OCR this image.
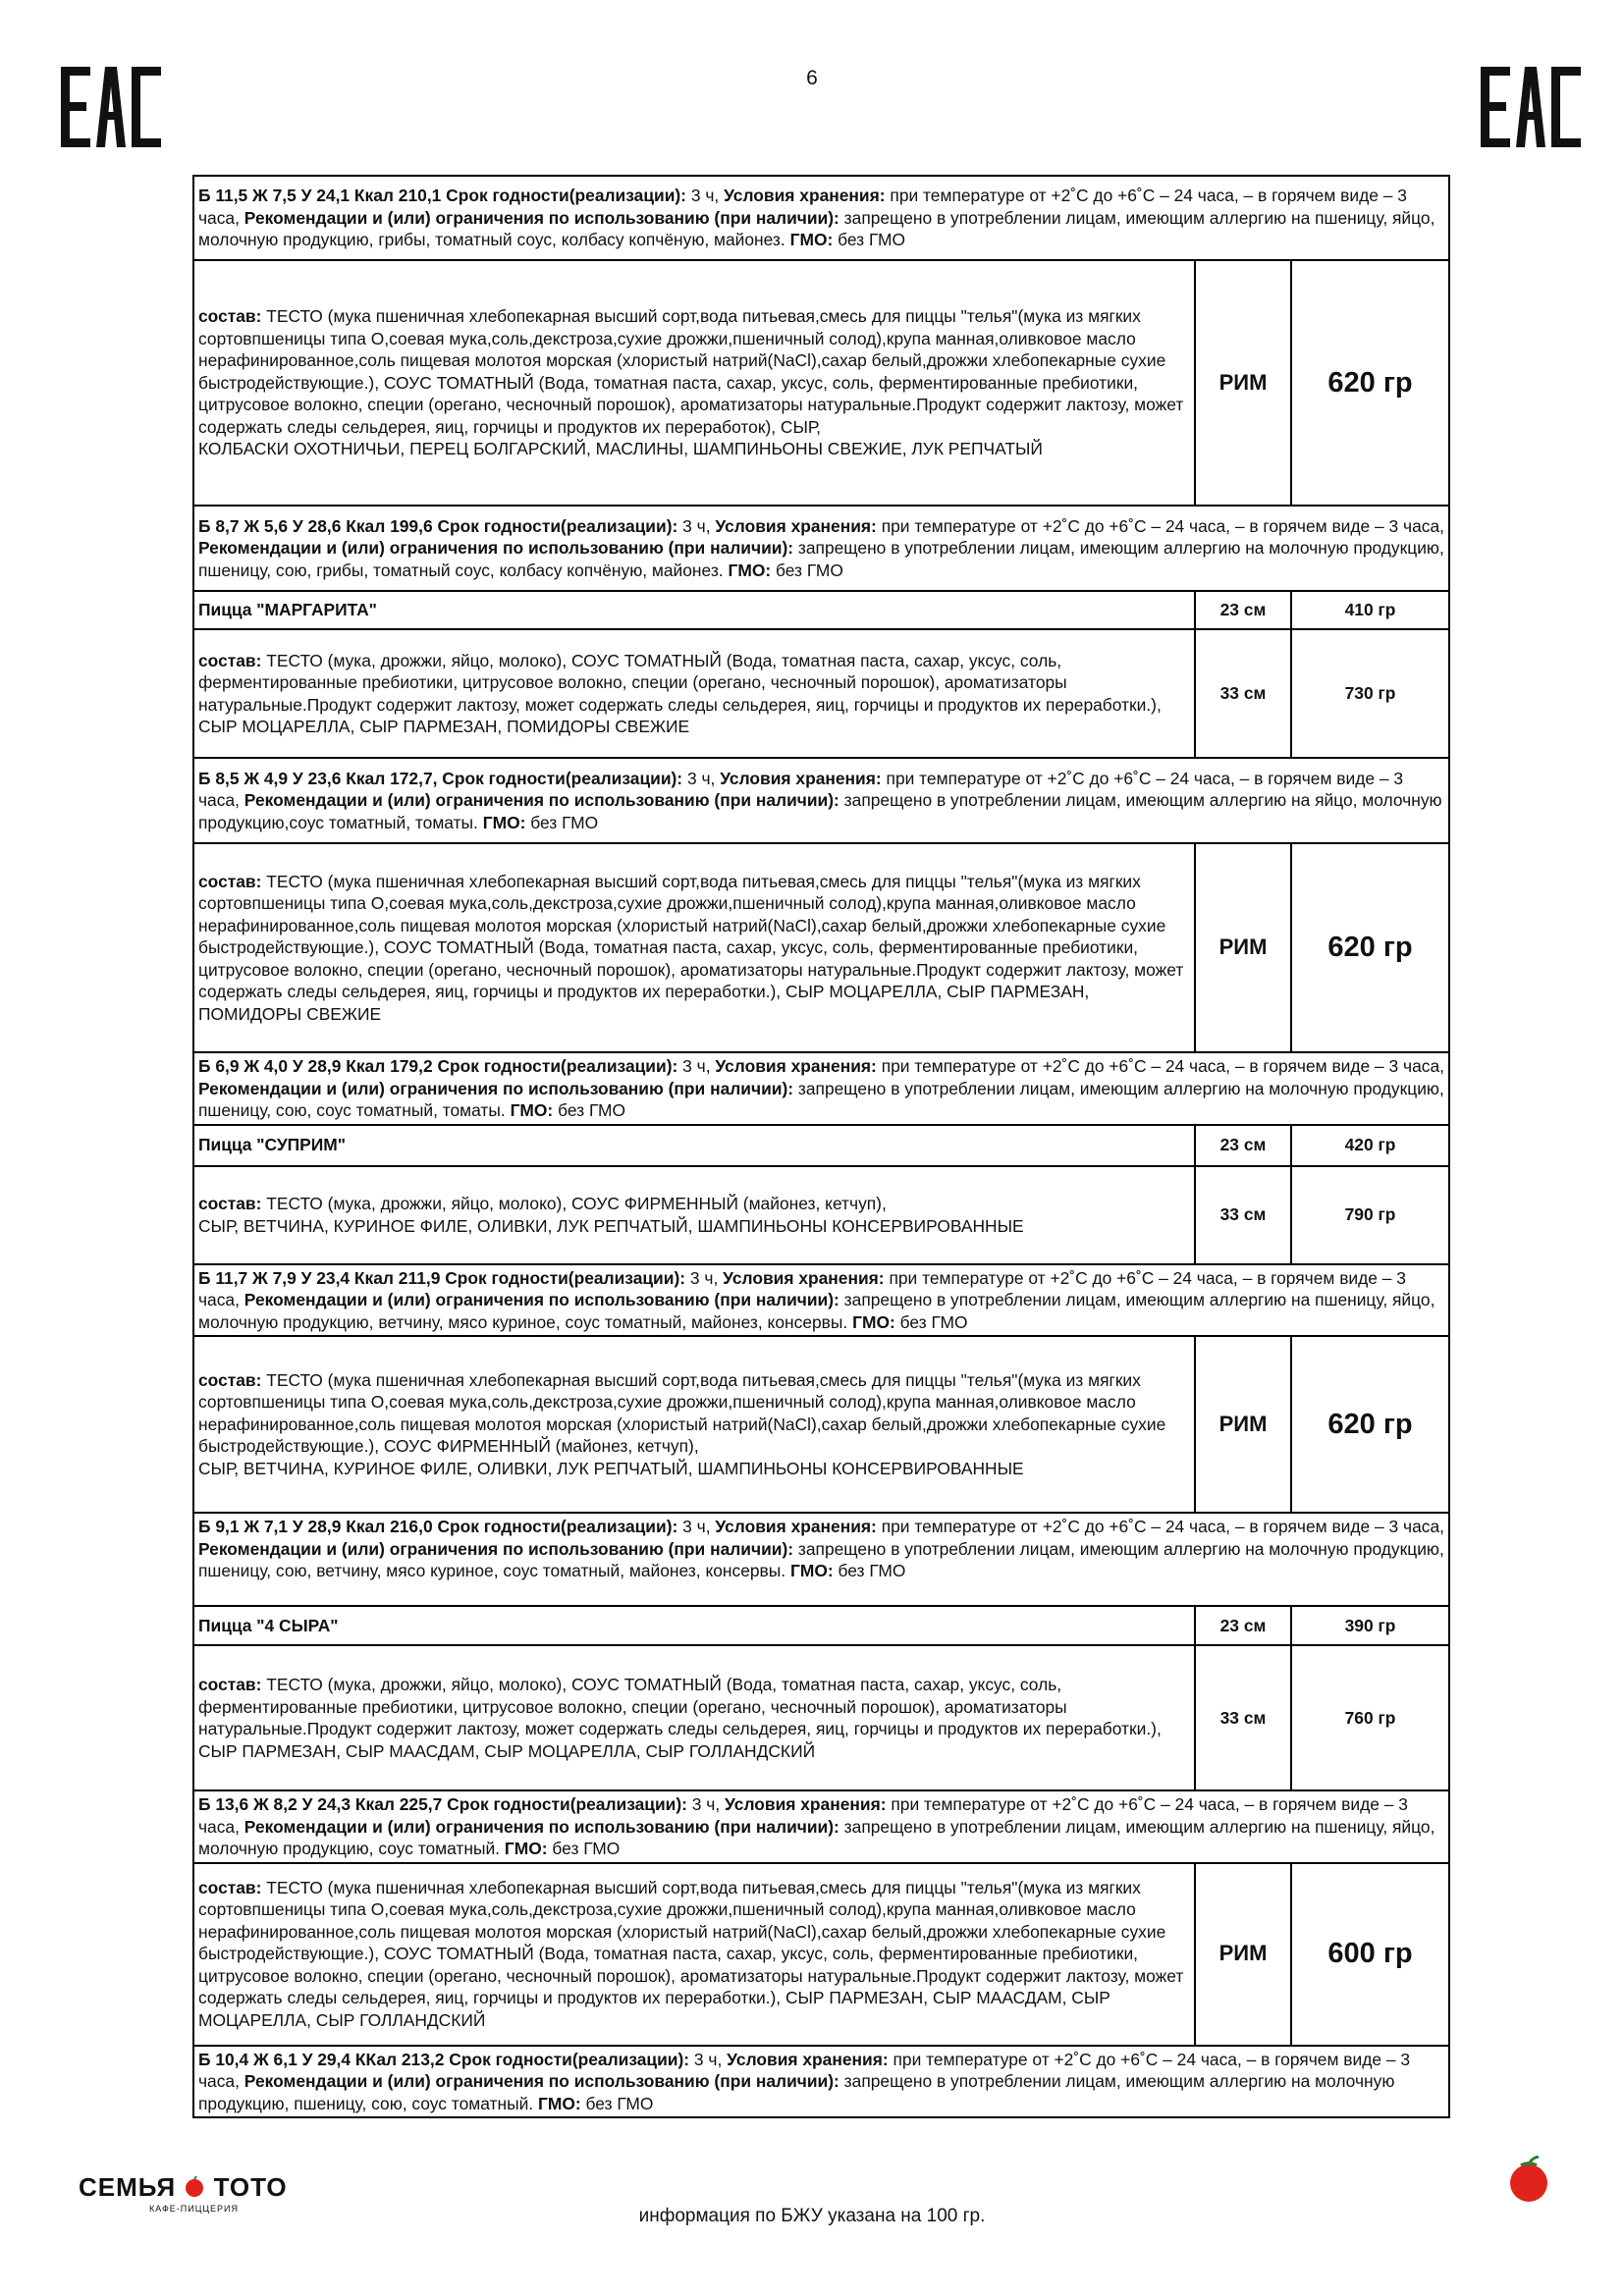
6
Б 11,5 Ж 7,5 У 24,1 Ккал 210,1 Срок годности(реализации): 3 ч, Условия хранения: при температуре от +2˚С до +6˚С – 24 часа, – в горячем виде – 3 часа, Рекомендации и (или) ограничения по использованию (при наличии): запрещено в употреблении лицам, имеющим аллергию на пшеницу, яйцо, молочную продукцию, грибы, томатный соус, колбасу копчёную, майонез. ГМО: без ГМО		
состав: ТЕСТО (мука пшеничная хлебопекарная высший сорт,вода питьевая,смесь для пиццы "телья"(мука из мягких сортовпшеницы типа О,соевая мука,соль,декстроза,сухие дрожжи,пшеничный солод),крупа манная,оливковое масло нерафинированное,соль пищевая молотоя морская (хлористый натрий(NaCl),сахар белый,дрожжи хлебопекарные сухие быстродействующие.), СОУС ТОМАТНЫЙ (Вода, томатная паста, сахар, уксус, соль, ферментированные пребиотики, цитрусовое волокно, специи (орегано, чесночный порошок), ароматизаторы натуральные.Продукт содержит лактозу, может содержать следы сельдерея, яиц, горчицы и продуктов их переработок), СЫР,
КОЛБАСКИ ОХОТНИЧЬИ, ПЕРЕЦ БОЛГАРСКИЙ, МАСЛИНЫ, ШАМПИНЬОНЫ СВЕЖИЕ, ЛУК РЕПЧАТЫЙ	РИМ	620 гр
Б 8,7 Ж 5,6 У 28,6 Ккал 199,6 Срок годности(реализации): 3 ч, Условия хранения: при температуре от +2˚С до +6˚С – 24 часа, – в горячем виде – 3 часа, Рекомендации и (или) ограничения по использованию (при наличии): запрещено в употреблении лицам, имеющим аллергию на молочную продукцию, пшеницу, сою, грибы, томатный соус, колбасу копчёную, майонез. ГМО: без ГМО		
Пицца "МАРГАРИТА"	23 см	410 гр
состав: ТЕСТО (мука, дрожжи, яйцо, молоко), СОУС ТОМАТНЫЙ (Вода, томатная паста, сахар, уксус, соль, ферментированные пребиотики, цитрусовое волокно, специи (орегано, чесночный порошок), ароматизаторы натуральные.Продукт содержит лактозу, может содержать следы сельдерея, яиц, горчицы и продуктов их переработки.), СЫР МОЦАРЕЛЛА, СЫР ПАРМЕЗАН, ПОМИДОРЫ СВЕЖИЕ	33 см	730 гр
Б 8,5 Ж 4,9 У 23,6 Ккал 172,7, Срок годности(реализации): 3 ч, Условия хранения: при температуре от +2˚С до +6˚С – 24 часа, – в горячем виде – 3 часа, Рекомендации и (или) ограничения по использованию (при наличии): запрещено в употреблении лицам, имеющим аллергию на яйцо, молочную продукцию,соус томатный, томаты. ГМО: без ГМО		
состав: ТЕСТО (мука пшеничная хлебопекарная высший сорт,вода питьевая,смесь для пиццы "телья"(мука из мягких сортовпшеницы типа О,соевая мука,соль,декстроза,сухие дрожжи,пшеничный солод),крупа манная,оливковое масло нерафинированное,соль пищевая молотоя морская (хлористый натрий(NaCl),сахар белый,дрожжи хлебопекарные сухие быстродействующие.), СОУС ТОМАТНЫЙ (Вода, томатная паста, сахар, уксус, соль, ферментированные пребиотики, цитрусовое волокно, специи (орегано, чесночный порошок), ароматизаторы натуральные.Продукт содержит лактозу, может содержать следы сельдерея, яиц, горчицы и продуктов их переработки.), СЫР МОЦАРЕЛЛА, СЫР ПАРМЕЗАН, ПОМИДОРЫ СВЕЖИЕ	РИМ	620 гр
Б 6,9 Ж 4,0 У 28,9 Ккал 179,2 Срок годности(реализации): 3 ч, Условия хранения: при температуре от +2˚С до +6˚С – 24 часа, – в горячем виде – 3 часа, Рекомендации и (или) ограничения по использованию (при наличии): запрещено в употреблении лицам, имеющим аллергию на молочную продукцию, пшеницу, сою, соус томатный, томаты. ГМО: без ГМО		
Пицца "СУПРИМ"	23 см	420 гр
состав: ТЕСТО (мука, дрожжи, яйцо, молоко), СОУС ФИРМЕННЫЙ (майонез, кетчуп),
СЫР, ВЕТЧИНА, КУРИНОЕ ФИЛЕ, ОЛИВКИ, ЛУК РЕПЧАТЫЙ, ШАМПИНЬОНЫ КОНСЕРВИРОВАННЫЕ	33 см	790 гр
Б 11,7 Ж 7,9 У 23,4 Ккал 211,9 Срок годности(реализации): 3 ч, Условия хранения: при температуре от +2˚С до +6˚С – 24 часа, – в горячем виде – 3 часа, Рекомендации и (или) ограничения по использованию (при наличии): запрещено в употреблении лицам, имеющим аллергию на пшеницу, яйцо, молочную продукцию, ветчину, мясо куриное, соус томатный, майонез, консервы. ГМО: без ГМО		
состав: ТЕСТО (мука пшеничная хлебопекарная высший сорт,вода питьевая,смесь для пиццы "телья"(мука из мягких сортовпшеницы типа О,соевая мука,соль,декстроза,сухие дрожжи,пшеничный солод),крупа манная,оливковое масло нерафинированное,соль пищевая молотоя морская (хлористый натрий(NaCl),сахар белый,дрожжи хлебопекарные сухие быстродействующие.), СОУС ФИРМЕННЫЙ (майонез, кетчуп),
СЫР, ВЕТЧИНА, КУРИНОЕ ФИЛЕ, ОЛИВКИ, ЛУК РЕПЧАТЫЙ, ШАМПИНЬОНЫ КОНСЕРВИРОВАННЫЕ	РИМ	620 гр
Б 9,1 Ж 7,1 У 28,9 Ккал 216,0 Срок годности(реализации): 3 ч, Условия хранения: при температуре от +2˚С до +6˚С – 24 часа, – в горячем виде – 3 часа, Рекомендации и (или) ограничения по использованию (при наличии): запрещено в употреблении лицам, имеющим аллергию на молочную продукцию, пшеницу, сою, ветчину, мясо куриное, соус томатный, майонез, консервы. ГМО: без ГМО		
Пицца "4 СЫРА"	23 см	390 гр
состав: ТЕСТО (мука, дрожжи, яйцо, молоко), СОУС ТОМАТНЫЙ (Вода, томатная паста, сахар, уксус, соль, ферментированные пребиотики, цитрусовое волокно, специи (орегано, чесночный порошок), ароматизаторы натуральные.Продукт содержит лактозу, может содержать следы сельдерея, яиц, горчицы и продуктов их переработки.), СЫР ПАРМЕЗАН, СЫР МААСДАМ, СЫР МОЦАРЕЛЛА, СЫР ГОЛЛАНДСКИЙ	33 см	760 гр
Б 13,6 Ж 8,2 У 24,3 Ккал 225,7 Срок годности(реализации): 3 ч, Условия хранения: при температуре от +2˚С до +6˚С – 24 часа, – в горячем виде – 3 часа, Рекомендации и (или) ограничения по использованию (при наличии): запрещено в употреблении лицам, имеющим аллергию на пшеницу, яйцо, молочную продукцию, соус томатный. ГМО: без ГМО		
состав: ТЕСТО (мука пшеничная хлебопекарная высший сорт,вода питьевая,смесь для пиццы "телья"(мука из мягких сортовпшеницы типа О,соевая мука,соль,декстроза,сухие дрожжи,пшеничный солод),крупа манная,оливковое масло нерафинированное,соль пищевая молотоя морская (хлористый натрий(NaCl),сахар белый,дрожжи хлебопекарные сухие быстродействующие.), СОУС ТОМАТНЫЙ (Вода, томатная паста, сахар, уксус, соль, ферментированные пребиотики, цитрусовое волокно, специи (орегано, чесночный порошок), ароматизаторы натуральные.Продукт содержит лактозу, может содержать следы сельдерея, яиц, горчицы и продуктов их переработки.), СЫР ПАРМЕЗАН, СЫР МААСДАМ, СЫР МОЦАРЕЛЛА, СЫР ГОЛЛАНДСКИЙ	РИМ	600 гр
Б 10,4 Ж 6,1 У 29,4 ККал 213,2 Срок годности(реализации): 3 ч, Условия хранения: при температуре от +2˚С до +6˚С – 24 часа, – в горячем виде – 3 часа, Рекомендации и (или) ограничения по использованию (при наличии): запрещено в употреблении лицам, имеющим аллергию на молочную продукцию, пшеницу, сою, соус томатный. ГМО: без ГМО		
СЕМЬЯ ТОТО
КАФЕ-ПИЦЦЕРИЯ	информация по БЖУ указана на 100 гр.
